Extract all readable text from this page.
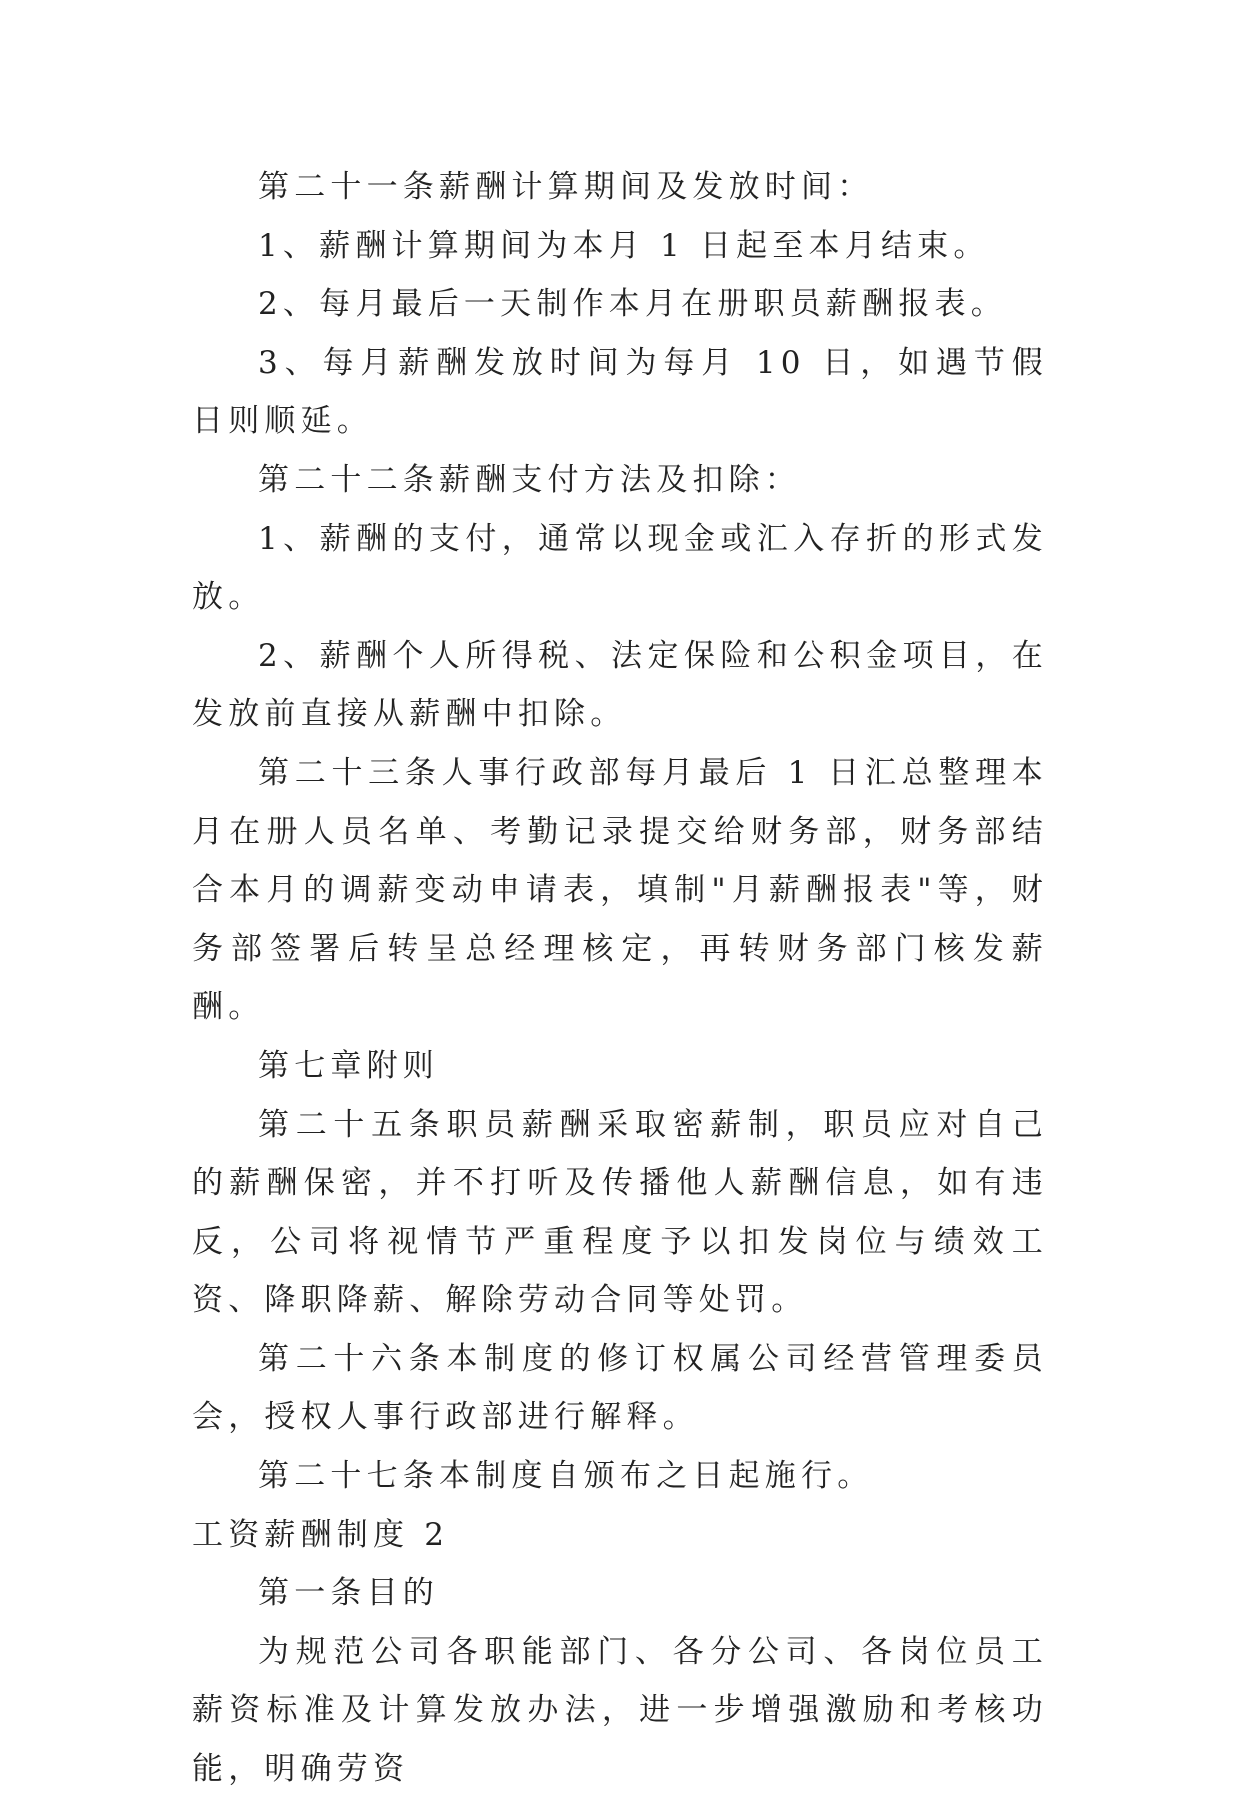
第二十一条薪酬计算期间及发放时间：

1、薪酬计算期间为本月 1 日起至本月结束。

2、每月最后一天制作本月在册职员薪酬报表。

3、每月薪酬发放时间为每月 10 日，如遇节假日则顺延。

第二十二条薪酬支付方法及扣除：

1、薪酬的支付，通常以现金或汇入存折的形式发放。

2、薪酬个人所得税、法定保险和公积金项目，在发放前直接从薪酬中扣除。

第二十三条人事行政部每月最后 1 日汇总整理本月在册人员名单、考勤记录提交给财务部，财务部结合本月的调薪变动申请表，填制"月薪酬报表"等，财务部签署后转呈总经理核定，再转财务部门核发薪酬。

第七章附则

第二十五条职员薪酬采取密薪制，职员应对自己的薪酬保密，并不打听及传播他人薪酬信息，如有违反，公司将视情节严重程度予以扣发岗位与绩效工资、降职降薪、解除劳动合同等处罚。

第二十六条本制度的修订权属公司经营管理委员会，授权人事行政部进行解释。

第二十七条本制度自颁布之日起施行。

工资薪酬制度 2

第一条目的

为规范公司各职能部门、各分公司、各岗位员工薪资标准及计算发放办法，进一步增强激励和考核功能，明确劳资
